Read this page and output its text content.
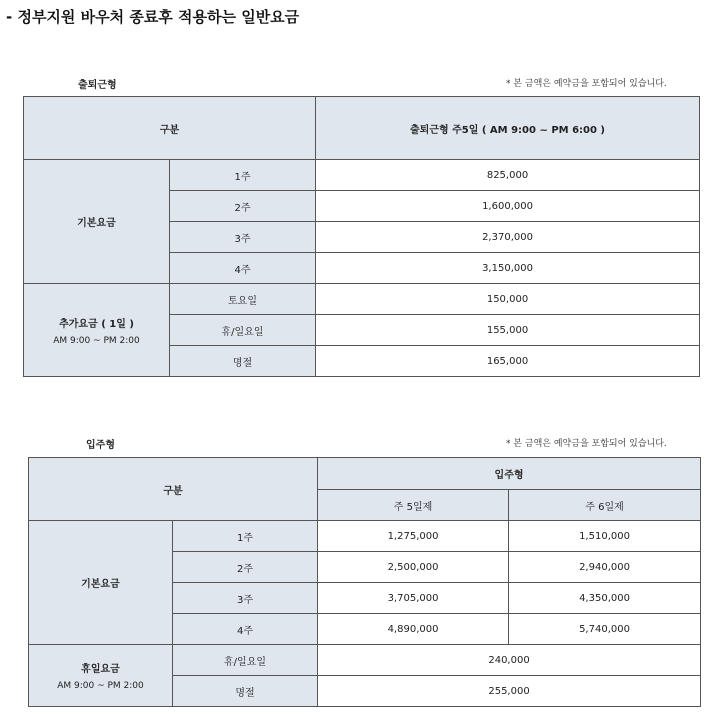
- 정부지원 바우처 종료후 적용하는 일반요금
출퇴근형	* 본 금액은 예약금을 포함되어 있습니다.
구분		출퇴근형 주5일 ( AM 9:00 ~ PM 6:00 )
기본요금	1주	825,000
	2주	1,600,000
	3주	2,370,000
	4주	3,150,000
추가요금 ( 1일 )
AM 9:00 ~ PM 2:00	토요일	150,000
	휴/일요일	155,000
	명절	165,000
입주형	* 본 금액은 예약금을 포함되어 있습니다.
구분		입주형	
		주 5일제	주 6일제
기본요금	1주	1,275,000	1,510,000
	2주	2,500,000	2,940,000
	3주	3,705,000	4,350,000
	4주	4,890,000	5,740,000
휴일요금
AM 9:00 ~ PM 2:00	휴/일요일	240,000	
	명절	255,000	
